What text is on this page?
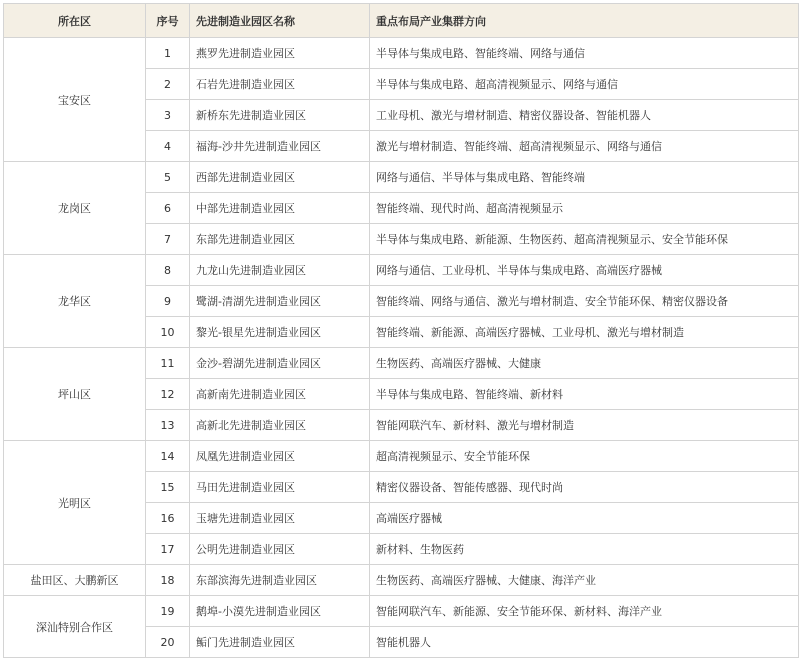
所在区	序号	先进制造业园区名称	重点布局产业集群方向
宝安区	1	燕罗先进制造业园区	半导体与集成电路、智能终端、网络与通信
	2	石岩先进制造业园区	半导体与集成电路、超高清视频显示、网络与通信
	3	新桥东先进制造业园区	工业母机、激光与增材制造、精密仪器设备、智能机器人
	4	福海-沙井先进制造业园区	激光与增材制造、智能终端、超高清视频显示、网络与通信
龙岗区	5	西部先进制造业园区	网络与通信、半导体与集成电路、智能终端
	6	中部先进制造业园区	智能终端、现代时尚、超高清视频显示
	7	东部先进制造业园区	半导体与集成电路、新能源、生物医药、超高清视频显示、安全节能环保
龙华区	8	九龙山先进制造业园区	网络与通信、工业母机、半导体与集成电路、高端医疗器械
	9	鹭湖-清湖先进制造业园区	智能终端、网络与通信、激光与增材制造、安全节能环保、精密仪器设备
	10	黎光-银星先进制造业园区	智能终端、新能源、高端医疗器械、工业母机、激光与增材制造
坪山区	11	金沙-碧湖先进制造业园区	生物医药、高端医疗器械、大健康
	12	高新南先进制造业园区	半导体与集成电路、智能终端、新材料
	13	高新北先进制造业园区	智能网联汽车、新材料、激光与增材制造
光明区	14	凤凰先进制造业园区	超高清视频显示、安全节能环保
	15	马田先进制造业园区	精密仪器设备、智能传感器、现代时尚
	16	玉塘先进制造业园区	高端医疗器械
	17	公明先进制造业园区	新材料、生物医药
盐田区、大鹏新区	18	东部滨海先进制造业园区	生物医药、高端医疗器械、大健康、海洋产业
深汕特别合作区	19	鹅埠-小漠先进制造业园区	智能网联汽车、新能源、安全节能环保、新材料、海洋产业
	20	鲘门先进制造业园区	智能机器人
